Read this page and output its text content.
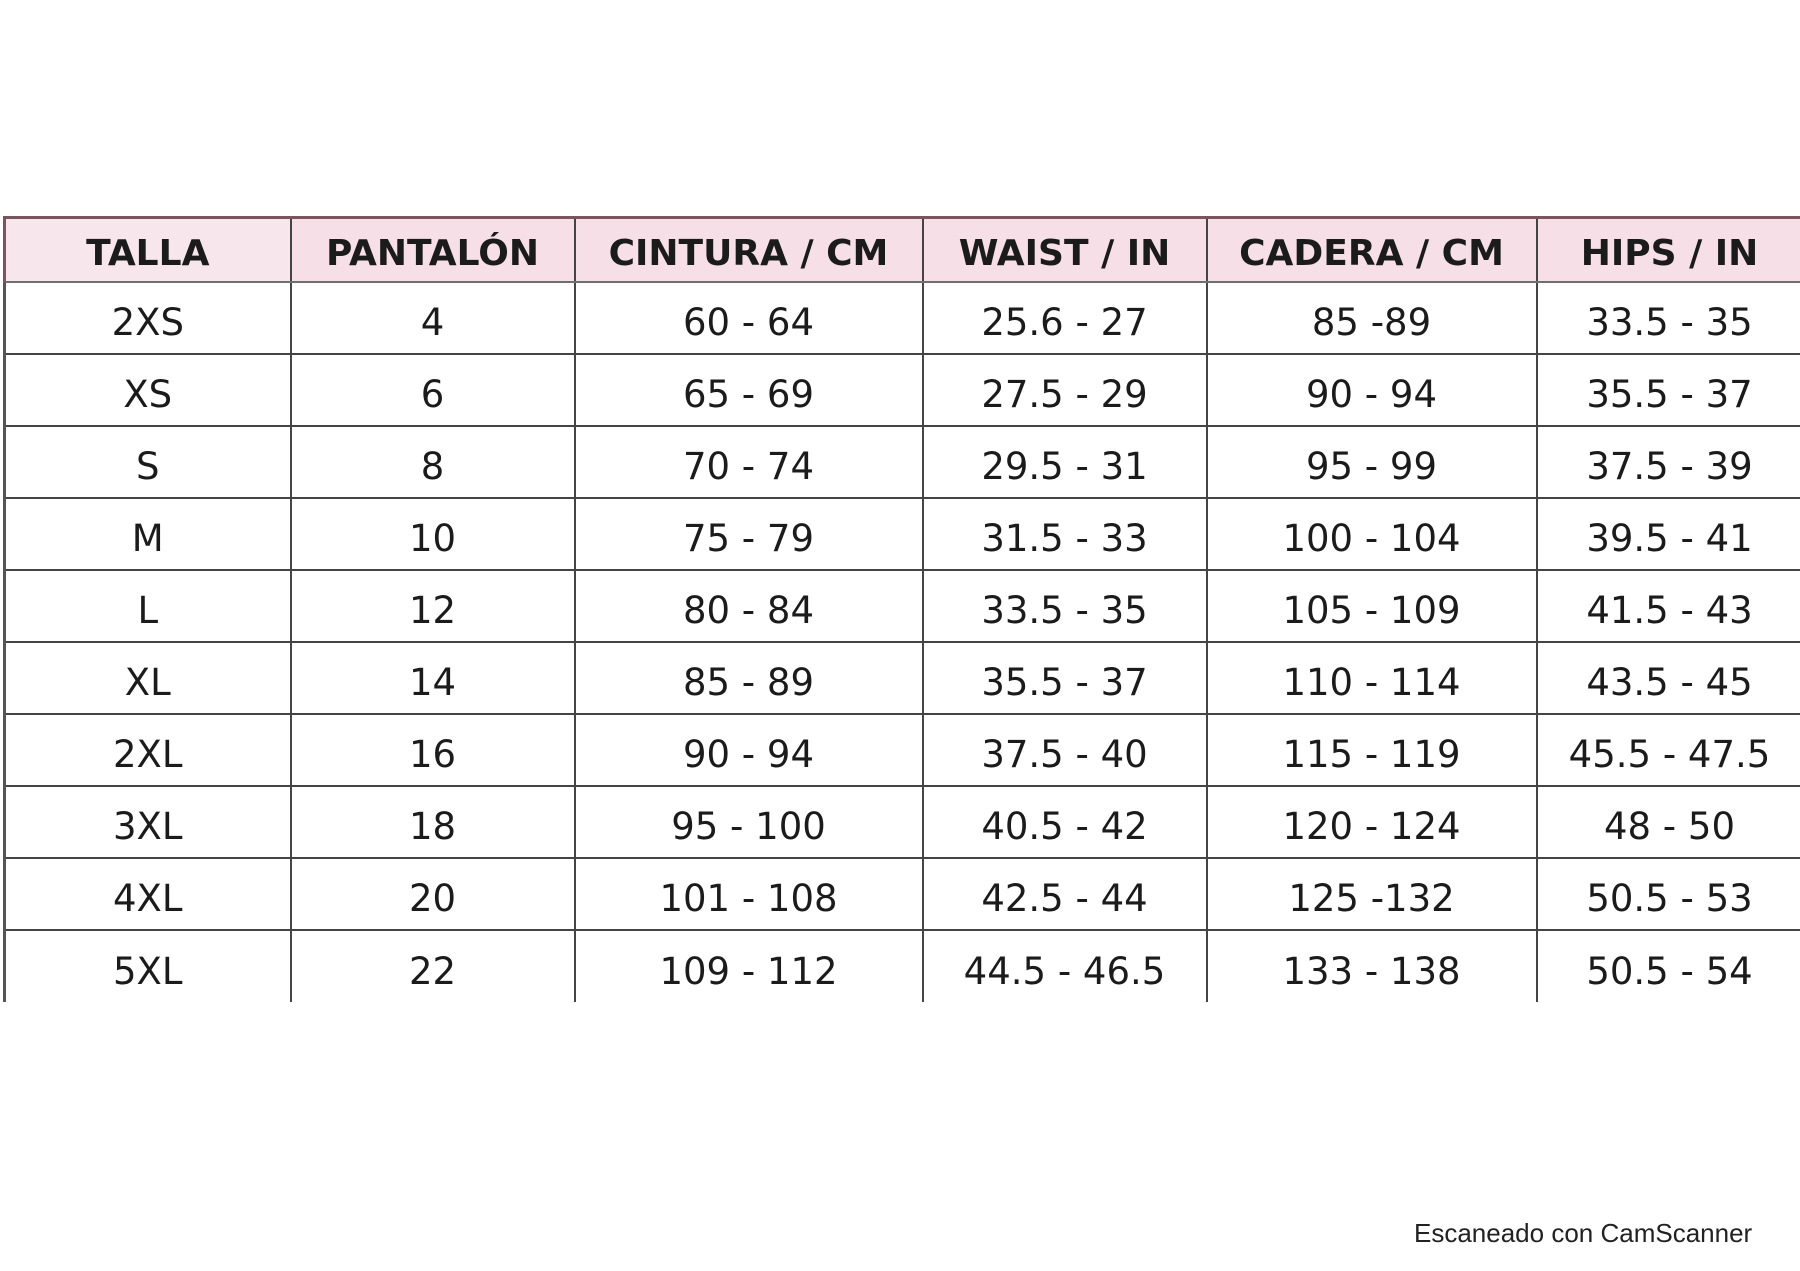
TALLA	PANTALÓN	CINTURA / CM	WAIST / IN	CADERA / CM	HIPS / IN
2XS	4	60 - 64	25.6 - 27	85 -89	33.5 - 35
XS	6	65 - 69	27.5 - 29	90 - 94	35.5 - 37
S	8	70 - 74	29.5 - 31	95 - 99	37.5 - 39
M	10	75 - 79	31.5 - 33	100 - 104	39.5 - 41
L	12	80 - 84	33.5 - 35	105 - 109	41.5 - 43
XL	14	85 - 89	35.5 - 37	110 - 114	43.5 - 45
2XL	16	90 - 94	37.5 - 40	115 - 119	45.5 - 47.5
3XL	18	95 - 100	40.5 - 42	120 - 124	48 - 50
4XL	20	101 - 108	42.5 - 44	125 -132	50.5 - 53
5XL	22	109 - 112	44.5 - 46.5	133 - 138	50.5 - 54
Escaneado con CamScanner
